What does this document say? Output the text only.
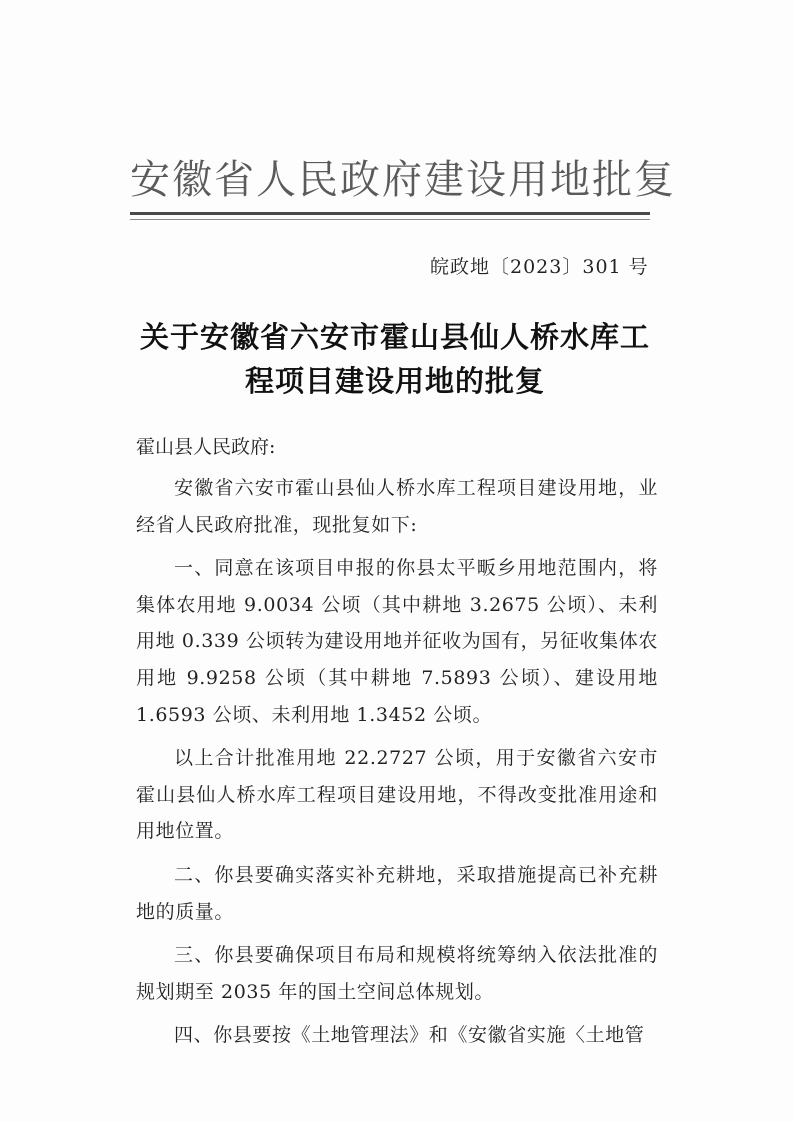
安徽省人民政府建设用地批复
皖政地〔2023〕301 号
关于安徽省六安市霍山县仙人桥水库工
程项目建设用地的批复
霍山县人民政府:

安徽省六安市霍山县仙人桥水库工程项目建设用地，业经省人民政府批准，现批复如下:

一、同意在该项目申报的你县太平畈乡用地范围内，将集体农用地 9.0034 公顷（其中耕地 3.2675 公顷）、未利用地 0.339 公顷转为建设用地并征收为国有，另征收集体农用地 9.9258 公顷（其中耕地 7.5893 公顷）、建设用地 1.6593 公顷、未利用地 1.3452 公顷。

以上合计批准用地 22.2727 公顷，用于安徽省六安市霍山县仙人桥水库工程项目建设用地，不得改变批准用途和用地位置。

二、你县要确实落实补充耕地，采取措施提高已补充耕地的质量。

三、你县要确保项目布局和规模将统筹纳入依法批准的规划期至 2035 年的国土空间总体规划。

四、你县要按《土地管理法》和《安徽省实施〈土地管
